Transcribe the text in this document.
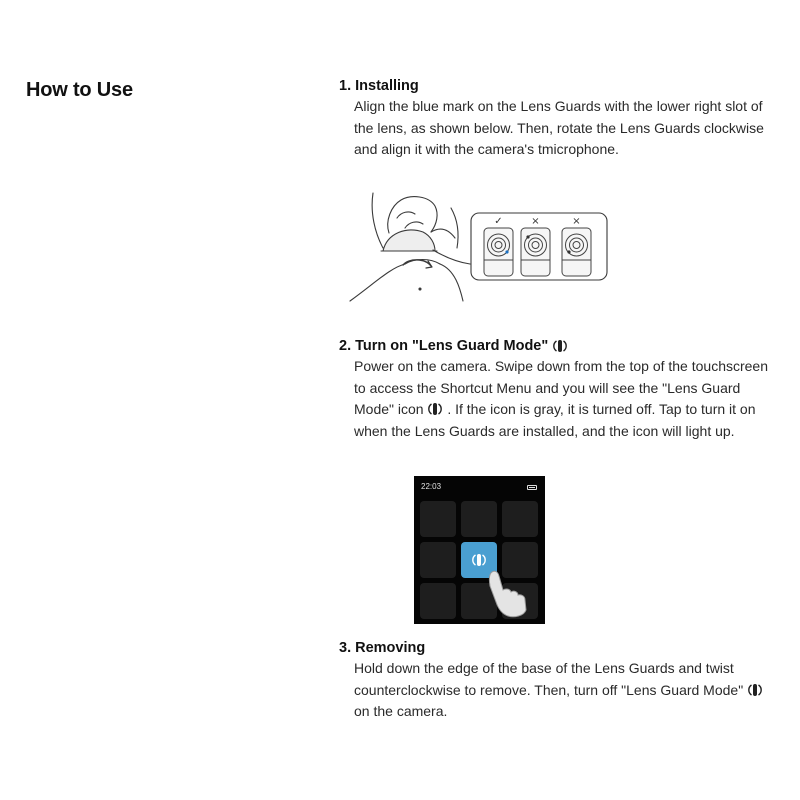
How to Use	1. Installing

Align the blue mark on the Lens Guards with the lower right slot of the lens, as shown below. Then, rotate the Lens Guards clockwise and align it with the camera's tmicrophone.

✓	×	×
2. Turn on "Lens Guard Mode"

Power on the camera. Swipe down from the top of the touchscreen to access the Shortcut Menu and you will see the "Lens Guard Mode" icon . If the icon is gray, it is turned off. Tap to turn it on when the Lens Guards are installed, and the icon will light up.

22:03
3. Removing

Hold down the edge of the base of the Lens Guards and twist counterclockwise to remove. Then, turn off "Lens Guard Mode"  on the camera.
